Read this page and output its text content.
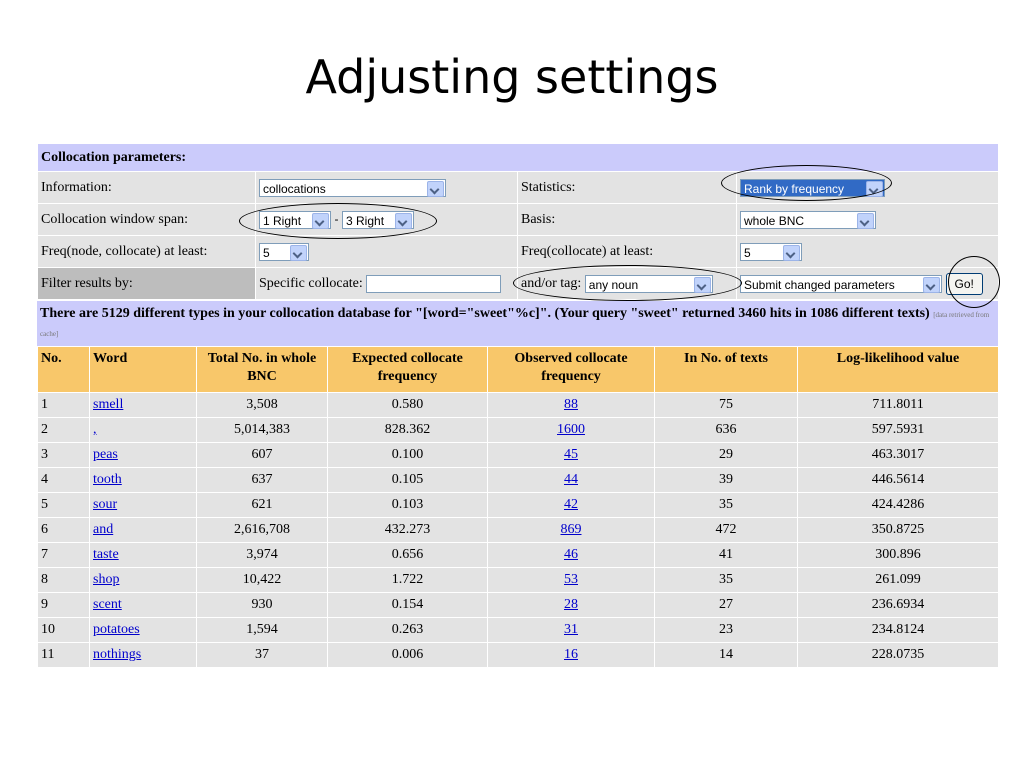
Adjusting settings
Collocation parameters:			
Information:	collocations	Statistics:	Rank by frequency

Collocation window span:	1 Right - 3 Right	Basis:	whole BNC

Freq(node, collocate) at least:	5	Freq(collocate) at least:	5

Filter results by:	Specific collocate:	and/or tag: any noun	Submit changed parameters Go!
There are 5129 different types in your collocation database for "[word="sweet"%c]". (Your query "sweet" returned 3460 hits in 1086 different texts) [data retrieved from cache]
No.	Word	Total No. in whole BNC	Expected collocate frequency	Observed collocate frequency	In No. of texts	Log-likelihood value
1	smell	3,508	0.580	88	75	711.8011
2	,	5,014,383	828.362	1600	636	597.5931
3	peas	607	0.100	45	29	463.3017
4	tooth	637	0.105	44	39	446.5614
5	sour	621	0.103	42	35	424.4286
6	and	2,616,708	432.273	869	472	350.8725
7	taste	3,974	0.656	46	41	300.896
8	shop	10,422	1.722	53	35	261.099
9	scent	930	0.154	28	27	236.6934
10	potatoes	1,594	0.263	31	23	234.8124
11	nothings	37	0.006	16	14	228.0735
